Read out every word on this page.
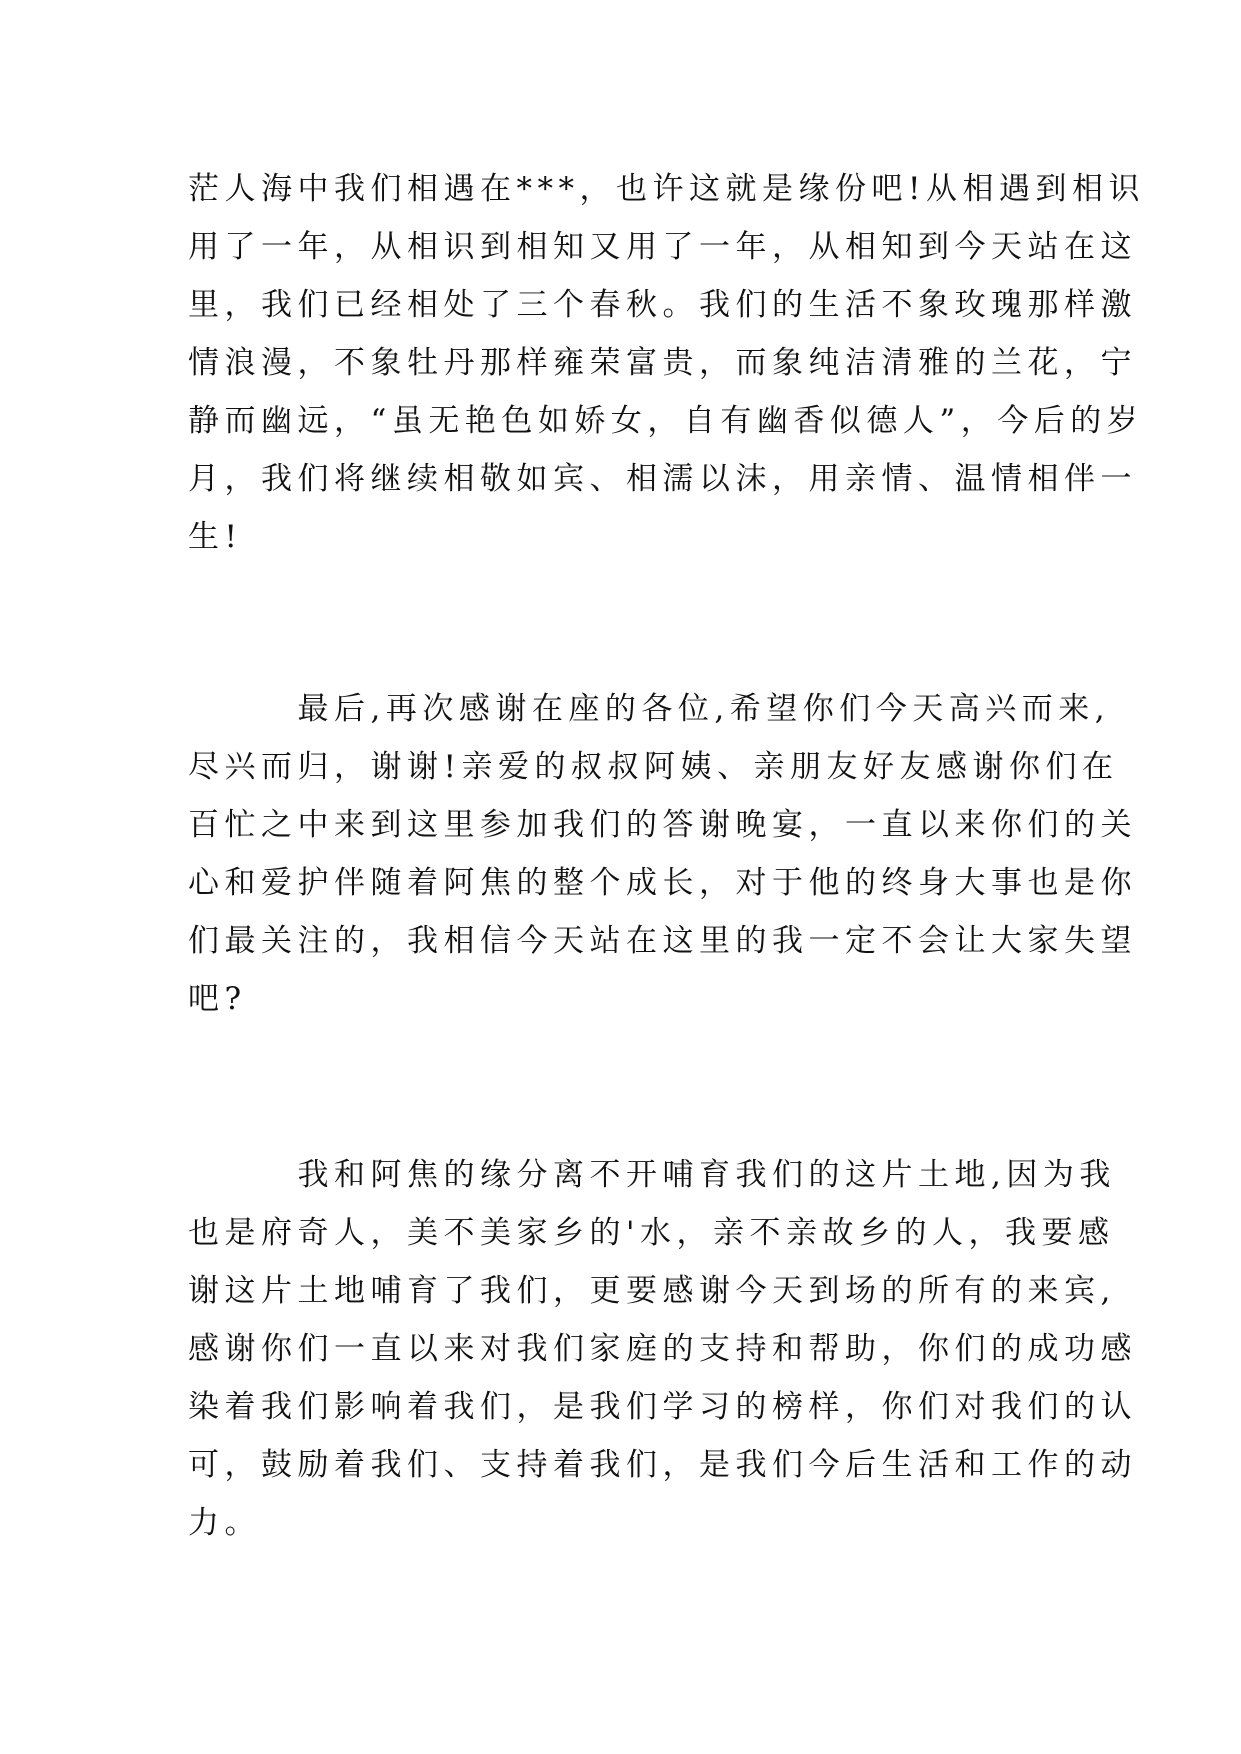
茫人海中我们相遇在***，也许这就是缘份吧!从相遇到相识
用了一年，从相识到相知又用了一年，从相知到今天站在这
里，我们已经相处了三个春秋。我们的生活不象玫瑰那样激
情浪漫，不象牡丹那样雍荣富贵，而象纯洁清雅的兰花，宁
静而幽远，“虽无艳色如娇女，自有幽香似德人”，今后的岁
月，我们将继续相敬如宾、相濡以沫，用亲情、温情相伴一
生!
　　　最后,再次感谢在座的各位,希望你们今天高兴而来,
尽兴而归，谢谢!亲爱的叔叔阿姨、亲朋友好友感谢你们在
百忙之中来到这里参加我们的答谢晚宴，一直以来你们的关
心和爱护伴随着阿焦的整个成长，对于他的终身大事也是你
们最关注的，我相信今天站在这里的我一定不会让大家失望
吧?
　　　我和阿焦的缘分离不开哺育我们的这片土地,因为我
也是府奇人，美不美家乡的'水，亲不亲故乡的人，我要感
谢这片土地哺育了我们，更要感谢今天到场的所有的来宾,
感谢你们一直以来对我们家庭的支持和帮助，你们的成功感
染着我们影响着我们，是我们学习的榜样，你们对我们的认
可，鼓励着我们、支持着我们，是我们今后生活和工作的动
力。
